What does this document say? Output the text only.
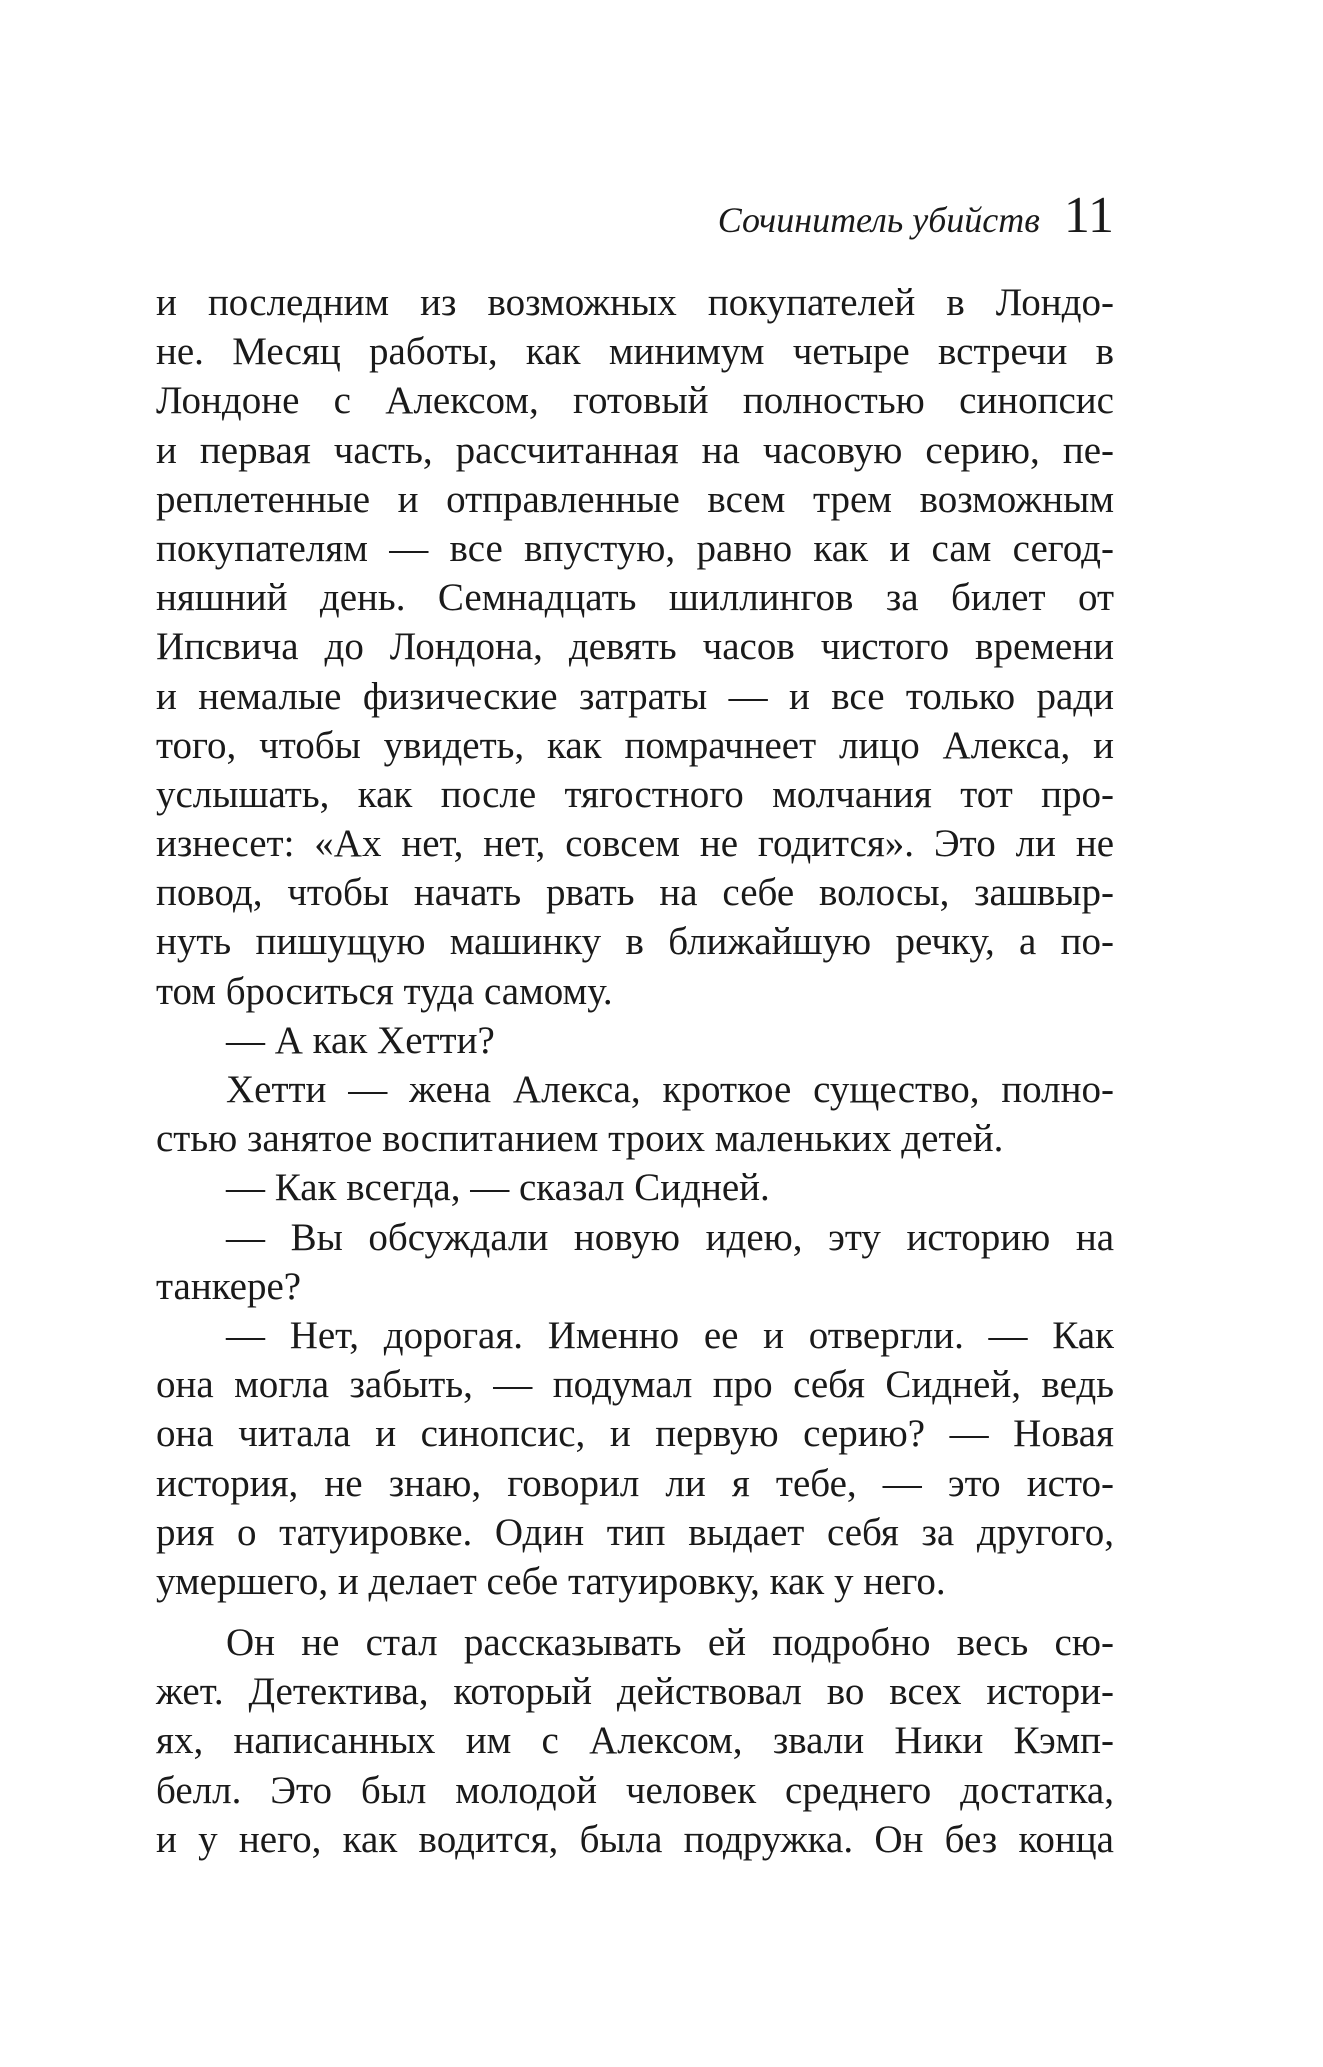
Сочинитель убийств 11
и последним из возможных покупателей в Лондо-
не. Месяц работы, как минимум четыре встречи в
Лондоне с Алексом, готовый полностью синопсис
и первая часть, рассчитанная на часовую серию, пе-
реплетенные и отправленные всем трем возможным
покупателям — все впустую, равно как и сам сегод-
няшний день. Семнадцать шиллингов за билет от
Ипсвича до Лондона, девять часов чистого времени
и немалые физические затраты — и все только ради
того, чтобы увидеть, как помрачнеет лицо Алекса, и
услышать, как после тягостного молчания тот про-
изнесет: «Ах нет, нет, совсем не годится». Это ли не
повод, чтобы начать рвать на себе волосы, зашвыр-
нуть пишущую машинку в ближайшую речку, а по-
том броситься туда самому.
— А как Хетти?
Хетти — жена Алекса, кроткое существо, полно-
стью занятое воспитанием троих маленьких детей.
— Как всегда, — сказал Сидней.
— Вы обсуждали новую идею, эту историю на
танкере?
— Нет, дорогая. Именно ее и отвергли. — Как
она могла забыть, — подумал про себя Сидней, ведь
она читала и синопсис, и первую серию? — Новая
история, не знаю, говорил ли я тебе, — это исто-
рия о татуировке. Один тип выдает себя за другого,
умершего, и делает себе татуировку, как у него.
Он не стал рассказывать ей подробно весь сю-
жет. Детектива, который действовал во всех истори-
ях, написанных им с Алексом, звали Ники Кэмп-
белл. Это был молодой человек среднего достатка,
и у него, как водится, была подружка. Он без конца
